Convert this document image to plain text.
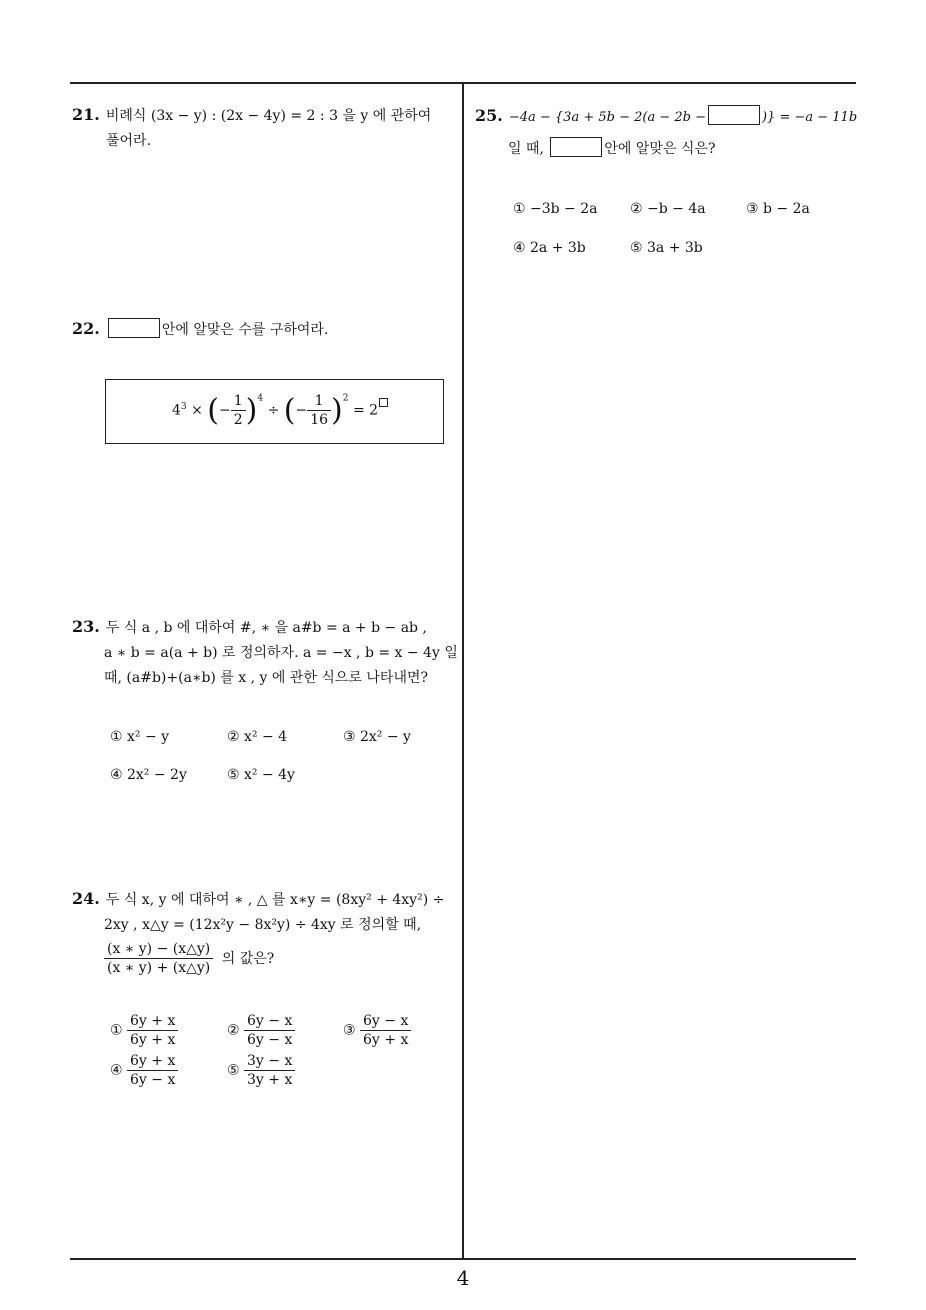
21. 비례식 (3x − y) : (2x − 4y) = 2 : 3 을 y 에 관하여
풀어라.
22.	안에 알맞은 수를 구하여라.
$4^3$ × (− $\frac{1}{2} )^4$ ÷ (− $\frac{1}{16} )^2 = 2$
23. 두 식 a , b 에 대하여 #, ∗ 을 a#b = a + b − ab ,
a ∗ b = a(a + b) 로 정의하자. a = −x , b = x − 4y 일
때, (a#b)+(a∗b) 를 x , y 에 관한 식으로 나타내면?
① x² − y	② x² − 4	③ 2x² − y
④ 2x² − 2y	⑤ x² − 4y
24. 두 식 x, y 에 대하여 ∗ , △ 를 x∗y = (8xy² + 4xy²) ÷
2xy , x△y = (12x²y − 8x²y) ÷ 4xy 로 정의할 때,
$\frac{(x ∗ y) - (x\triangle y)}{(x ∗ y) + (x\triangle y)}$ 의 값은?
① $\frac{6y + x}{6y + x}$	② $\frac{6y - x}{6y - x}$	③ $\frac{6y - x}{6y + x}$
④ $\frac{6y + x}{6y - x}$	⑤ $\frac{3y - x}{3y + x}$
25. −4a − {3a + 5b − 2(a − 2b −	)} = −a − 11b
일 때,	안에 알맞은 식은?
① −3b − 2a ② −b − 4a	③ b − 2a
④ 2a + 3b	⑤ 3a + 3b
4
